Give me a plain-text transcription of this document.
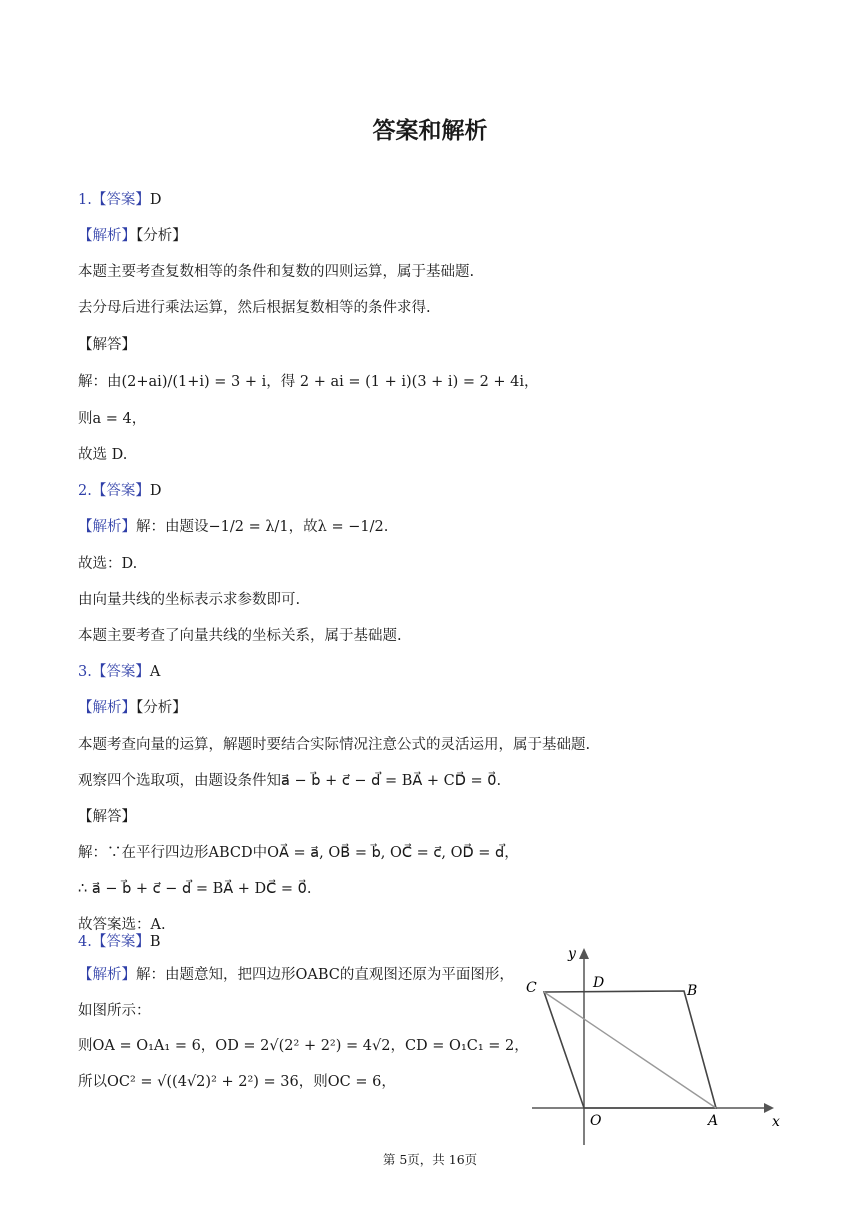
答案和解析
1.【答案】D
【解析】【分析】
本题主要考查复数相等的条件和复数的四则运算，属于基础题.
去分母后进行乘法运算，然后根据复数相等的条件求得.
【解答】
解：由(2+ai)/(1+i) = 3 + i，得 2 + ai = (1 + i)(3 + i) = 2 + 4i，
则a = 4，
故选 D.
2.【答案】D
【解析】解：由题设−1/2 = λ/1，故λ = −1/2.
故选：D.
由向量共线的坐标表示求参数即可.
本题主要考查了向量共线的坐标关系，属于基础题.
3.【答案】A
【解析】【分析】
本题考查向量的运算，解题时要结合实际情况注意公式的灵活运用，属于基础题.
观察四个选取项，由题设条件知a⃗ − b⃗ + c⃗ − d⃗ = BA⃗ + CD⃗ = 0⃗.
【解答】
解：∵在平行四边形ABCD中OA⃗ = a⃗, OB⃗ = b⃗, OC⃗ = c⃗, OD⃗ = d⃗，
∴ a⃗ − b⃗ + c⃗ − d⃗ = BA⃗ + DC⃗ = 0⃗.
故答案选：A.
4.【答案】B
【解析】解：由题意知，把四边形OABC的直观图还原为平面图形，
如图所示：
则OA = O₁A₁ = 6，OD = 2√(2² + 2²) = 4√2，CD = O₁C₁ = 2，
所以OC² = √((4√2)² + 2²) = 36，则OC = 6，
y
x
C	D	B
O	A
第 5页，共 16页
